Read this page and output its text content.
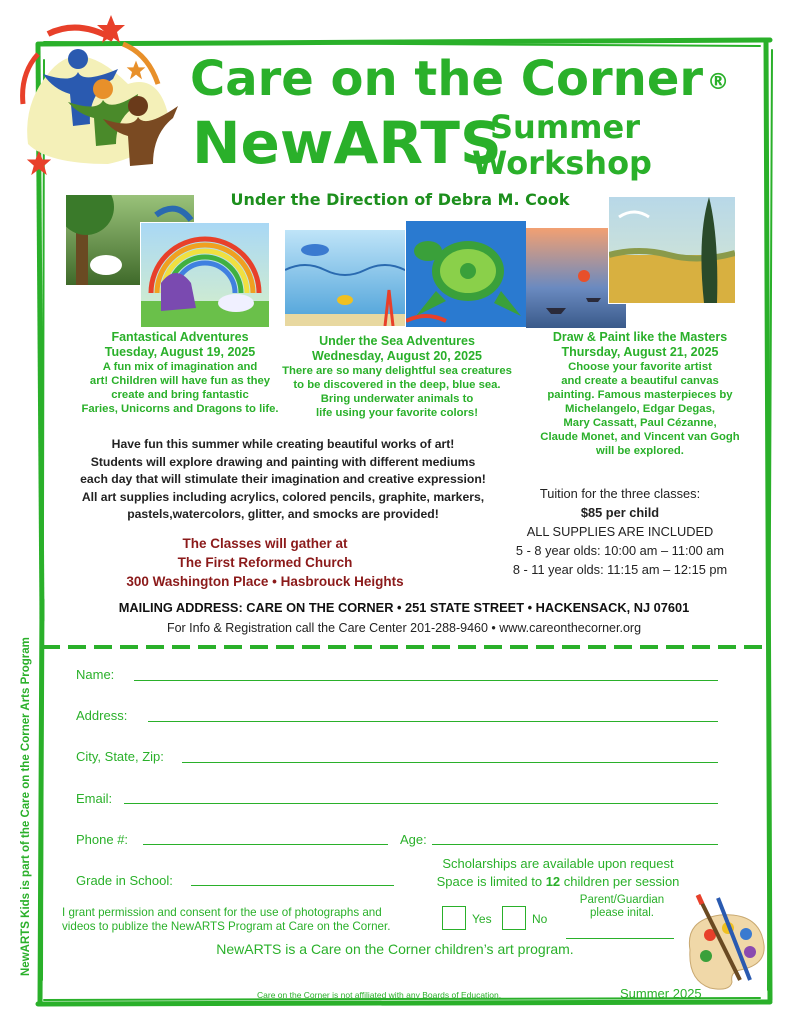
Care on the Corner ®
NewARTS
Summer
Workshop
Under the Direction of Debra M. Cook
Fantastical Adventures
Tuesday, August 19, 2025
A fun mix of imagination and
art! Children will have fun as they
create and bring fantastic
Faries, Unicorns and Dragons to life.
Under the Sea Adventures
Wednesday, August 20, 2025
There are so many delightful sea creatures
to be discovered in the deep, blue sea.
Bring underwater animals to
life using your favorite colors!
Draw & Paint like the Masters
Thursday, August 21, 2025
Choose your favorite artist
and create a beautiful canvas
painting. Famous masterpieces by
Michelangelo, Edgar Degas,
Mary Cassatt, Paul Cézanne,
Claude Monet, and Vincent van Gogh
will be explored.
Have fun this summer while creating beautiful works of art!
Students will explore drawing and painting with different mediums
each day that will stimulate their imagination and creative expression!
All art supplies including acrylics, colored pencils, graphite, markers,
pastels,watercolors, glitter, and smocks are provided!
Tuition for the three classes:
$85 per child
ALL SUPPLIES ARE INCLUDED
5 - 8 year olds: 10:00 am – 11:00 am
8 - 11 year olds: 11:15 am – 12:15 pm
The Classes will gather at
The First Reformed Church
300 Washington Place • Hasbrouck Heights
MAILING ADDRESS: CARE ON THE CORNER • 251 STATE STREET • HACKENSACK, NJ 07601
For Info & Registration call the Care Center 201-288-9460 • www.careonthecorner.org
NewARTS Kids is part of the Care on the Corner Arts Program	Name:
Address:
City, State, Zip:
Email:
Phone #:	Age:
Grade in School:
Scholarships are available upon request
Space is limited to 12 children per session
I grant permission and consent for the use of photographs and
videos to publize the NewARTS Program at Care on the Corner.
Yes	No
Parent/Guardian
please inital.
NewARTS is a Care on the Corner children’s art program.
Care on the Corner is not affiliated with any Boards of Education.	Summer 2025
